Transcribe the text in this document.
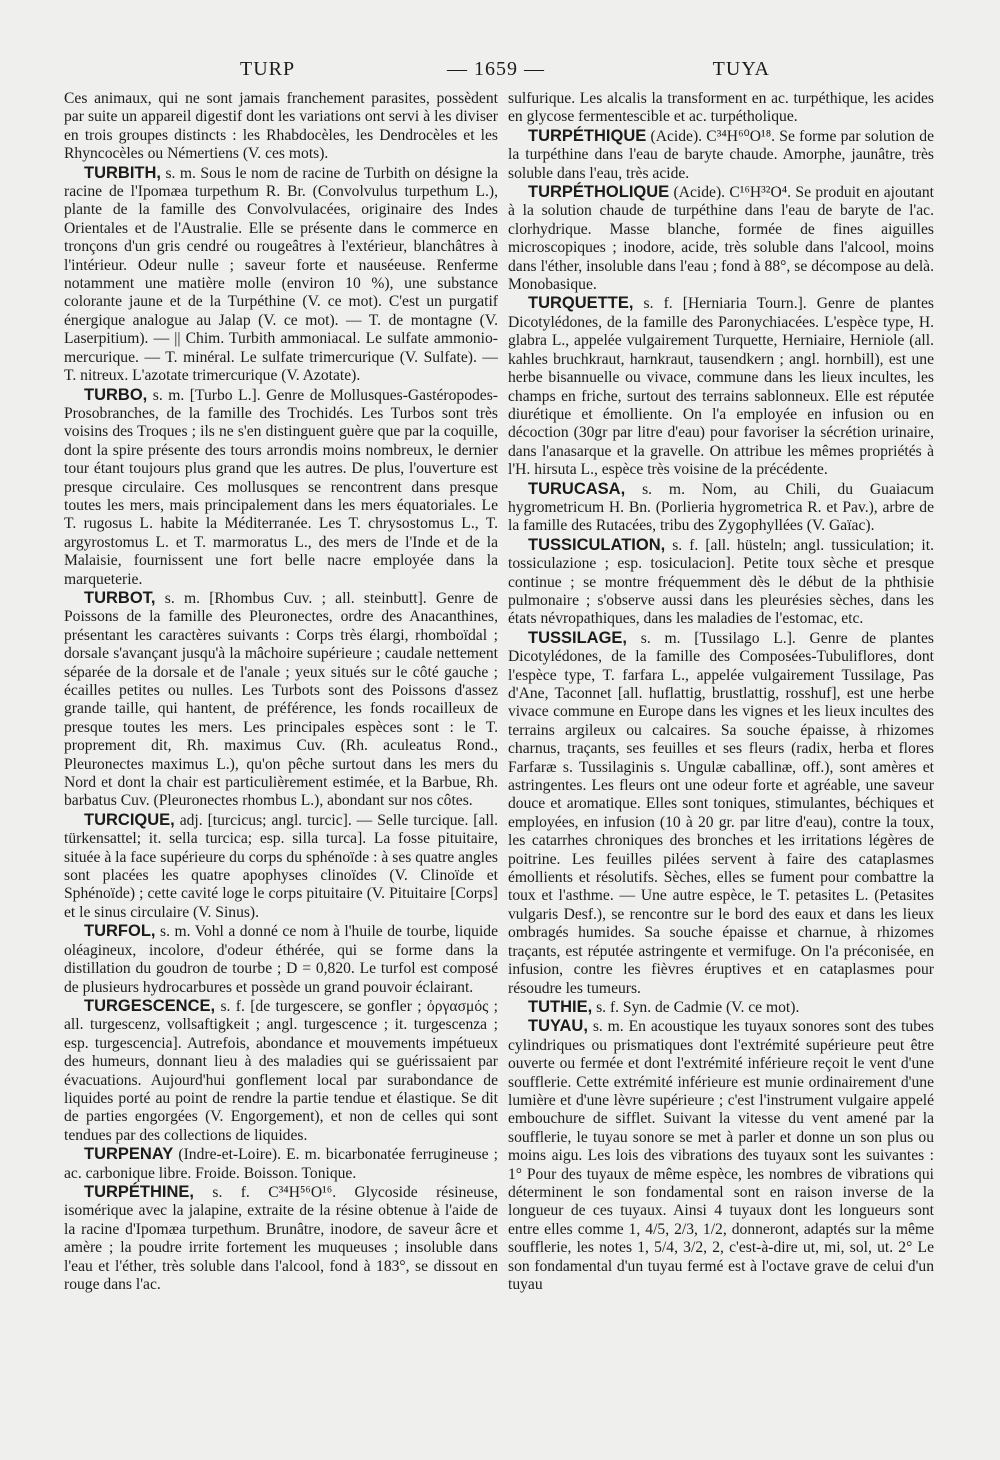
TURP	— 1659 —	TUYA

Ces animaux, qui ne sont jamais franchement parasites, possèdent par suite un appareil digestif dont les variations ont servi à les diviser en trois groupes distincts : les Rhabdocèles, les Dendrocèles et les Rhyncocèles ou Némertiens (V. ces mots).

TURBITH, s. m. Sous le nom de racine de Turbith on désigne la racine de l'Ipomæa turpethum R. Br. (Convolvulus turpethum L.), plante de la famille des Convolvulacées, originaire des Indes Orientales et de l'Australie. Elle se présente dans le commerce en tronçons d'un gris cendré ou rougeâtres à l'extérieur, blanchâtres à l'intérieur. Odeur nulle ; saveur forte et nauséeuse. Renferme notamment une matière molle (environ 10 %), une substance colorante jaune et de la Turpéthine (V. ce mot). C'est un purgatif énergique analogue au Jalap (V. ce mot). — T. de montagne (V. Laserpitium). — || Chim. Turbith ammoniacal. Le sulfate ammonio-mercurique. — T. minéral. Le sulfate trimercurique (V. Sulfate). — T. nitreux. L'azotate trimercurique (V. Azotate).

TURBO, s. m. [Turbo L.]. Genre de Mollusques-Gastéropodes-Prosobranches, de la famille des Trochidés. Les Turbos sont très voisins des Troques ; ils ne s'en distinguent guère que par la coquille, dont la spire présente des tours arrondis moins nombreux, le dernier tour étant toujours plus grand que les autres. De plus, l'ouverture est presque circulaire. Ces mollusques se rencontrent dans presque toutes les mers, mais principalement dans les mers équatoriales. Le T. rugosus L. habite la Méditerranée. Les T. chrysostomus L., T. argyrostomus L. et T. marmoratus L., des mers de l'Inde et de la Malaisie, fournissent une fort belle nacre employée dans la marqueterie.

TURBOT, s. m. [Rhombus Cuv. ; all. steinbutt]. Genre de Poissons de la famille des Pleuronectes, ordre des Anacanthines, présentant les caractères suivants : Corps très élargi, rhomboïdal ; dorsale s'avançant jusqu'à la mâchoire supérieure ; caudale nettement séparée de la dorsale et de l'anale ; yeux situés sur le côté gauche ; écailles petites ou nulles. Les Turbots sont des Poissons d'assez grande taille, qui hantent, de préférence, les fonds rocailleux de presque toutes les mers. Les principales espèces sont : le T. proprement dit, Rh. maximus Cuv. (Rh. aculeatus Rond., Pleuronectes maximus L.), qu'on pêche surtout dans les mers du Nord et dont la chair est particulièrement estimée, et la Barbue, Rh. barbatus Cuv. (Pleuronectes rhombus L.), abondant sur nos côtes.

TURCIQUE, adj. [turcicus; angl. turcic]. — Selle turcique. [all. türkensattel; it. sella turcica; esp. silla turca]. La fosse pituitaire, située à la face supérieure du corps du sphénoïde : à ses quatre angles sont placées les quatre apophyses clinoïdes (V. Clinoïde et Sphénoïde) ; cette cavité loge le corps pituitaire (V. Pituitaire [Corps] et le sinus circulaire (V. Sinus).

TURFOL, s. m. Vohl a donné ce nom à l'huile de tourbe, liquide oléagineux, incolore, d'odeur éthérée, qui se forme dans la distillation du goudron de tourbe ; D = 0,820. Le turfol est composé de plusieurs hydrocarbures et possède un grand pouvoir éclairant.

TURGESCENCE, s. f. [de turgescere, se gonfler ; ὀργασμός ; all. turgescenz, vollsaftigkeit ; angl. turgescence ; it. turgescenza ; esp. turgescencia]. Autrefois, abondance et mouvements impétueux des humeurs, donnant lieu à des maladies qui se guérissaient par évacuations. Aujourd'hui gonflement local par surabondance de liquides porté au point de rendre la partie tendue et élastique. Se dit de parties engorgées (V. Engorgement), et non de celles qui sont tendues par des collections de liquides.

TURPENAY (Indre-et-Loire). E. m. bicarbonatée ferrugineuse ; ac. carbonique libre. Froide. Boisson. Tonique.

TURPÉTHINE, s. f. C³⁴H⁵⁶O¹⁶. Glycoside résineuse, isomérique avec la jalapine, extraite de la résine obtenue à l'aide de la racine d'Ipomæa turpethum. Brunâtre, inodore, de saveur âcre et amère ; la poudre irrite fortement les muqueuses ; insoluble dans l'eau et l'éther, très soluble dans l'alcool, fond à 183°, se dissout en rouge dans l'ac.

sulfurique. Les alcalis la transforment en ac. turpéthique, les acides en glycose fermentescible et ac. turpétholique.

TURPÉTHIQUE (Acide). C³⁴H⁶⁰O¹⁸. Se forme par solution de la turpéthine dans l'eau de baryte chaude. Amorphe, jaunâtre, très soluble dans l'eau, très acide.

TURPÉTHOLIQUE (Acide). C¹⁶H³²O⁴. Se produit en ajoutant à la solution chaude de turpéthine dans l'eau de baryte de l'ac. clorhydrique. Masse blanche, formée de fines aiguilles microscopiques ; inodore, acide, très soluble dans l'alcool, moins dans l'éther, insoluble dans l'eau ; fond à 88°, se décompose au delà. Monobasique.

TURQUETTE, s. f. [Herniaria Tourn.]. Genre de plantes Dicotylédones, de la famille des Paronychiacées. L'espèce type, H. glabra L., appelée vulgairement Turquette, Herniaire, Herniole (all. kahles bruchkraut, harnkraut, tausendkern ; angl. hornbill), est une herbe bisannuelle ou vivace, commune dans les lieux incultes, les champs en friche, surtout des terrains sablonneux. Elle est réputée diurétique et émolliente. On l'a employée en infusion ou en décoction (30gr par litre d'eau) pour favoriser la sécrétion urinaire, dans l'anasarque et la gravelle. On attribue les mêmes propriétés à l'H. hirsuta L., espèce très voisine de la précédente.

TURUCASA, s. m. Nom, au Chili, du Guaiacum hygrometricum H. Bn. (Porlieria hygrometrica R. et Pav.), arbre de la famille des Rutacées, tribu des Zygophyllées (V. Gaïac).

TUSSICULATION, s. f. [all. hüsteln; angl. tussiculation; it. tossiculazione ; esp. tosiculacion]. Petite toux sèche et presque continue ; se montre fréquemment dès le début de la phthisie pulmonaire ; s'observe aussi dans les pleurésies sèches, dans les états névropathiques, dans les maladies de l'estomac, etc.

TUSSILAGE, s. m. [Tussilago L.]. Genre de plantes Dicotylédones, de la famille des Composées-Tubuliflores, dont l'espèce type, T. farfara L., appelée vulgairement Tussilage, Pas d'Ane, Taconnet [all. huflattig, brustlattig, rosshuf], est une herbe vivace commune en Europe dans les vignes et les lieux incultes des terrains argileux ou calcaires. Sa souche épaisse, à rhizomes charnus, traçants, ses feuilles et ses fleurs (radix, herba et flores Farfaræ s. Tussilaginis s. Ungulæ caballinæ, off.), sont amères et astringentes. Les fleurs ont une odeur forte et agréable, une saveur douce et aromatique. Elles sont toniques, stimulantes, béchiques et employées, en infusion (10 à 20 gr. par litre d'eau), contre la toux, les catarrhes chroniques des bronches et les irritations légères de poitrine. Les feuilles pilées servent à faire des cataplasmes émollients et résolutifs. Sèches, elles se fument pour combattre la toux et l'asthme. — Une autre espèce, le T. petasites L. (Petasites vulgaris Desf.), se rencontre sur le bord des eaux et dans les lieux ombragés humides. Sa souche épaisse et charnue, à rhizomes traçants, est réputée astringente et vermifuge. On l'a préconisée, en infusion, contre les fièvres éruptives et en cataplasmes pour résoudre les tumeurs.

TUTHIE, s. f. Syn. de Cadmie (V. ce mot).

TUYAU, s. m. En acoustique les tuyaux sonores sont des tubes cylindriques ou prismatiques dont l'extrémité supérieure peut être ouverte ou fermée et dont l'extrémité inférieure reçoit le vent d'une soufflerie. Cette extrémité inférieure est munie ordinairement d'une lumière et d'une lèvre supérieure ; c'est l'instrument vulgaire appelé embouchure de sifflet. Suivant la vitesse du vent amené par la soufflerie, le tuyau sonore se met à parler et donne un son plus ou moins aigu. Les lois des vibrations des tuyaux sont les suivantes : 1° Pour des tuyaux de même espèce, les nombres de vibrations qui déterminent le son fondamental sont en raison inverse de la longueur de ces tuyaux. Ainsi 4 tuyaux dont les longueurs sont entre elles comme 1, 4/5, 2/3, 1/2, donneront, adaptés sur la même soufflerie, les notes 1, 5/4, 3/2, 2, c'est-à-dire ut, mi, sol, ut. 2° Le son fondamental d'un tuyau fermé est à l'octave grave de celui d'un tuyau
